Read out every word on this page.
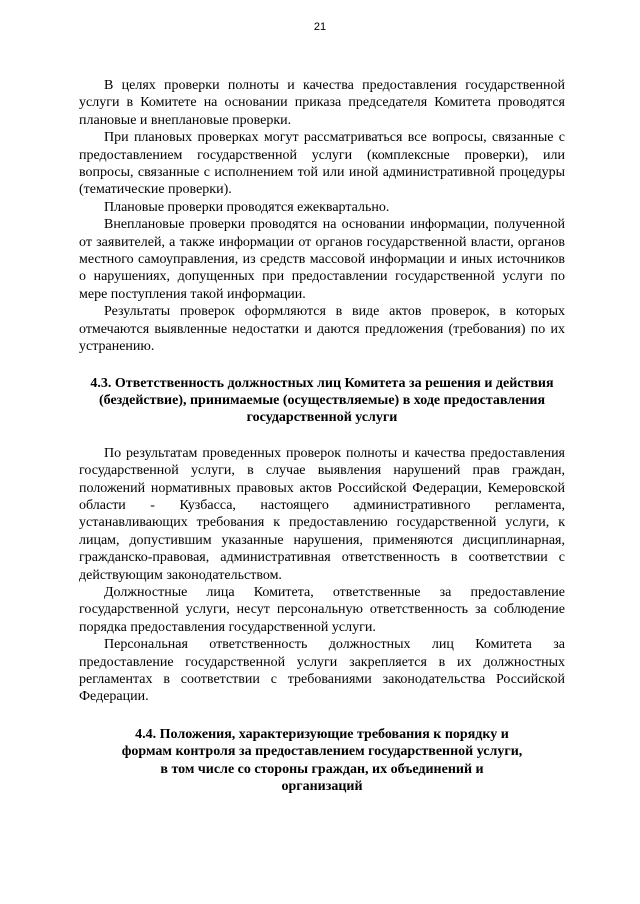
21

В целях проверки полноты и качества предоставления государственной услуги в Комитете на основании приказа председателя Комитета проводятся плановые и внеплановые проверки.

При плановых проверках могут рассматриваться все вопросы, связанные с предоставлением государственной услуги (комплексные проверки), или вопросы, связанные с исполнением той или иной административной процедуры (тематические проверки).

Плановые проверки проводятся ежеквартально.

Внеплановые проверки проводятся на основании информации, полученной от заявителей, а также информации от органов государственной власти, органов местного самоуправления, из средств массовой информации и иных источников о нарушениях, допущенных при предоставлении государственной услуги по мере поступления такой информации.

Результаты проверок оформляются в виде актов проверок, в которых отмечаются выявленные недостатки и даются предложения (требования) по их устранению.

4.3. Ответственность должностных лиц Комитета за решения и действия (бездействие), принимаемые (осуществляемые) в ходе предоставления государственной услуги

По результатам проведенных проверок полноты и качества предоставления государственной услуги, в случае выявления нарушений прав граждан, положений нормативных правовых актов Российской Федерации, Кемеровской области - Кузбасса, настоящего административного регламента, устанавливающих требования к предоставлению государственной услуги, к лицам, допустившим указанные нарушения, применяются дисциплинарная, гражданско-правовая, административная ответственность в соответствии с действующим законодательством.

Должностные лица Комитета, ответственные за предоставление государственной услуги, несут персональную ответственность за соблюдение порядка предоставления государственной услуги.

Персональная ответственность должностных лиц Комитета за предоставление государственной услуги закрепляется в их должностных регламентах в соответствии с требованиями законодательства Российской Федерации.

4.4. Положения, характеризующие требования к порядку и формам контроля за предоставлением государственной услуги, в том числе со стороны граждан, их объединений и организаций
